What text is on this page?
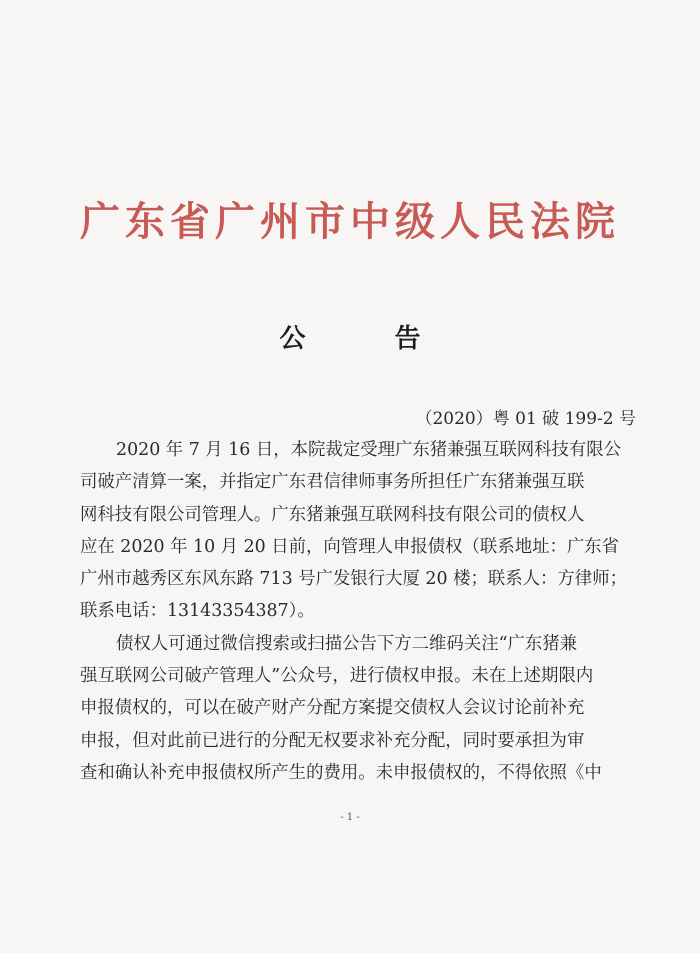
广东省广州市中级人民法院
公 告
（2020）粤 01 破 199-2 号
2020 年 7 月 16 日，本院裁定受理广东猪兼强互联网科技有限公
司破产清算一案，并指定广东君信律师事务所担任广东猪兼强互联
网科技有限公司管理人。广东猪兼强互联网科技有限公司的债权人
应在 2020 年 10 月 20 日前，向管理人申报债权（联系地址：广东省
广州市越秀区东风东路 713 号广发银行大厦 20 楼；联系人：方律师；
联系电话：13143354387）。
债权人可通过微信搜索或扫描公告下方二维码关注“广东猪兼
强互联网公司破产管理人”公众号，进行债权申报。未在上述期限内
申报债权的，可以在破产财产分配方案提交债权人会议讨论前补充
申报，但对此前已进行的分配无权要求补充分配，同时要承担为审
查和确认补充申报债权所产生的费用。未申报债权的，不得依照《中
- 1 -
